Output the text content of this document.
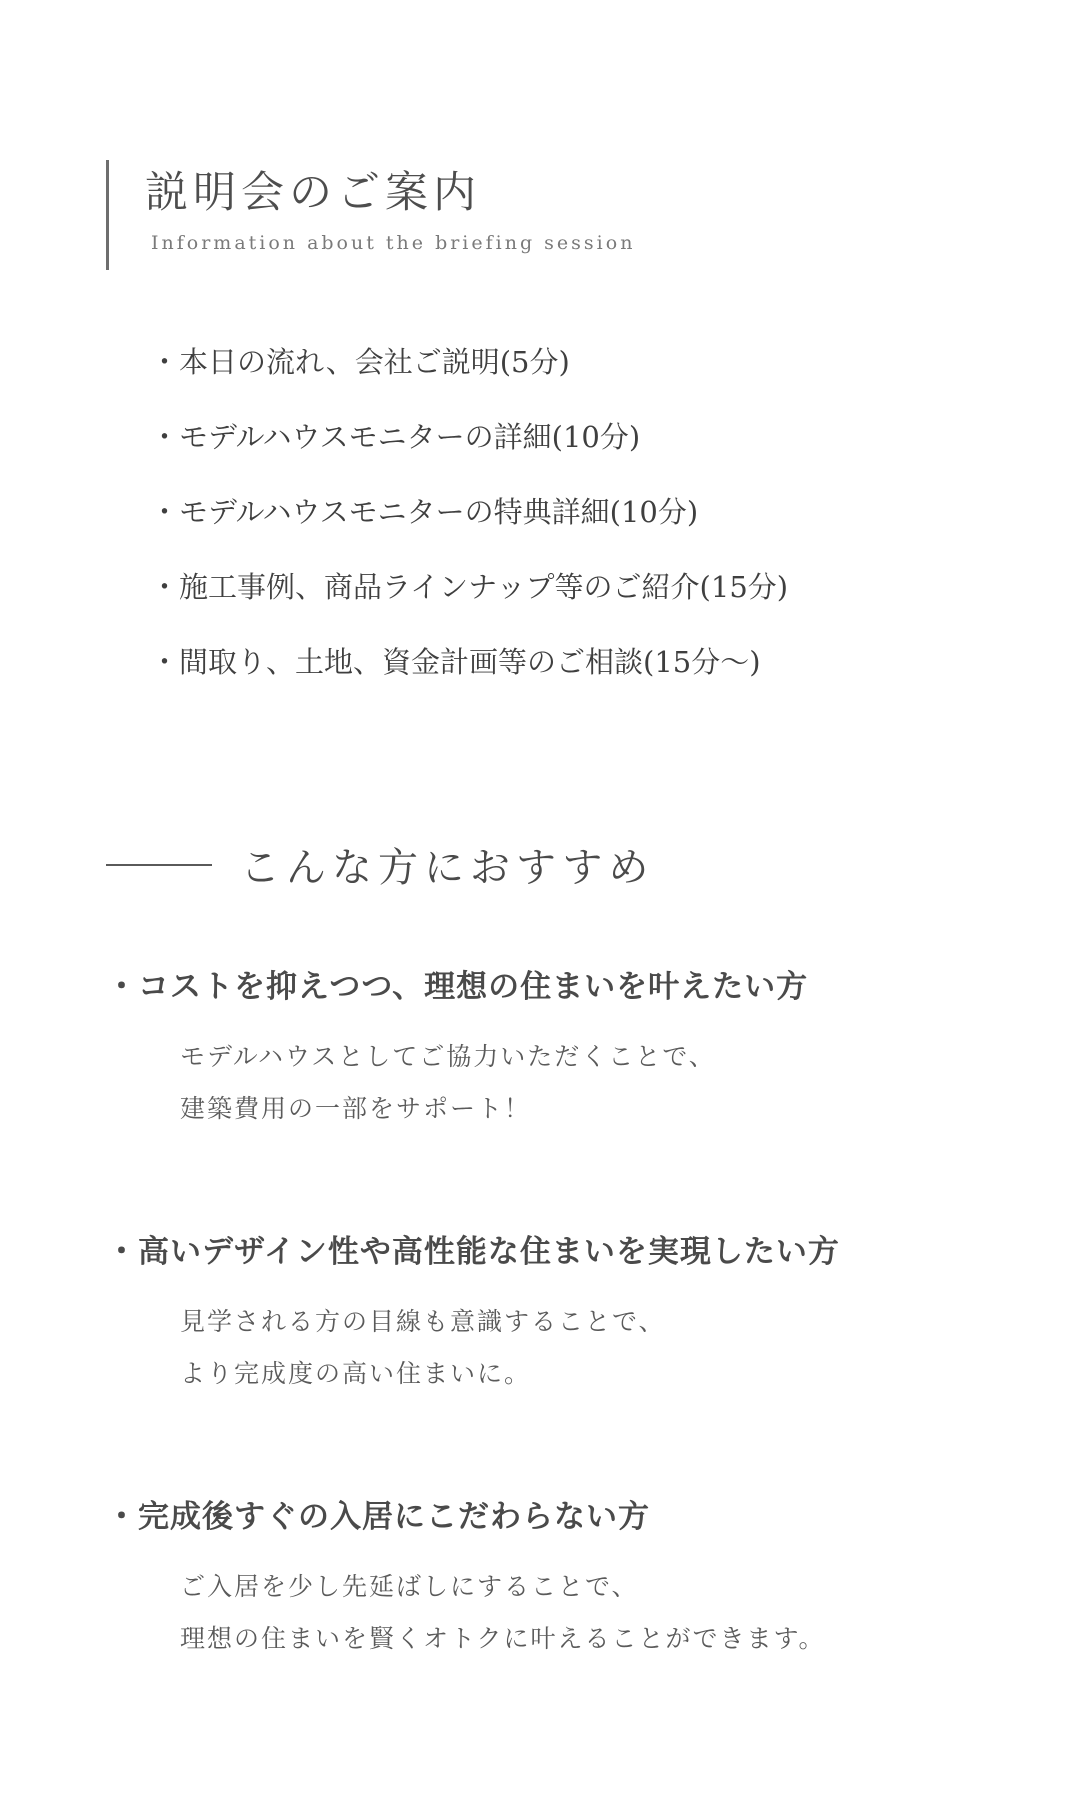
説明会のご案内
Information about the briefing session
・本日の流れ、会社ご説明(5分)
・モデルハウスモニターの詳細(10分)
・モデルハウスモニターの特典詳細(10分)
・施工事例、商品ラインナップ等のご紹介(15分)
・間取り、土地、資金計画等のご相談(15分〜)
こんな方におすすめ
・コストを抑えつつ、理想の住まいを叶えたい方
モデルハウスとしてご協力いただくことで、
建築費用の一部をサポート！
・高いデザイン性や高性能な住まいを実現したい方
見学される方の目線も意識することで、
より完成度の高い住まいに。
・完成後すぐの入居にこだわらない方
ご入居を少し先延ばしにすることで、
理想の住まいを賢くオトクに叶えることができます。
